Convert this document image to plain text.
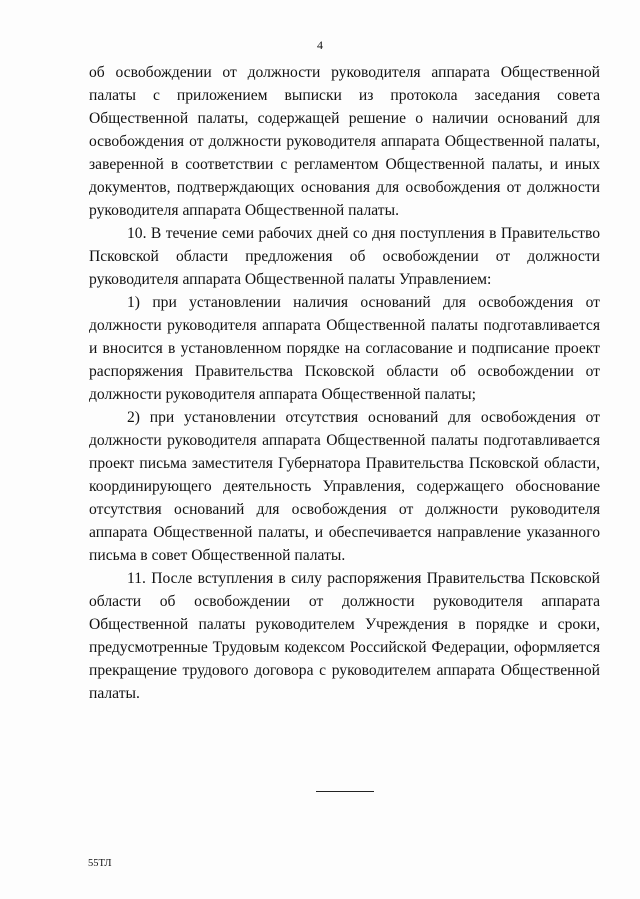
4

об освобождении от должности руководителя аппарата Общественной палаты с приложением выписки из протокола заседания совета Общественной палаты, содержащей решение о наличии оснований для освобождения от должности руководителя аппарата Общественной палаты, заверенной в соответствии с регламентом Общественной палаты, и иных документов, подтверждающих основания для освобождения от должности руководителя аппарата Общественной палаты.

10. В течение семи рабочих дней со дня поступления в Правительство Псковской области предложения об освобождении от должности руководителя аппарата Общественной палаты Управлением:

1) при установлении наличия оснований для освобождения от должности руководителя аппарата Общественной палаты подготавливается и вносится в установленном порядке на согласование и подписание проект распоряжения Правительства Псковской области об освобождении от должности руководителя аппарата Общественной палаты;

2) при установлении отсутствия оснований для освобождения от должности руководителя аппарата Общественной палаты подготавливается проект письма заместителя Губернатора Правительства Псковской области, координирующего деятельность Управления, содержащего обоснование отсутствия оснований для освобождения от должности руководителя аппарата Общественной палаты, и обеспечивается направление указанного письма в совет Общественной палаты.

11. После вступления в силу распоряжения Правительства Псковской области об освобождении от должности руководителя аппарата Общественной палаты руководителем Учреждения в порядке и сроки, предусмотренные Трудовым кодексом Российской Федерации, оформляется прекращение трудового договора с руководителем аппарата Общественной палаты.

55ТЛ
